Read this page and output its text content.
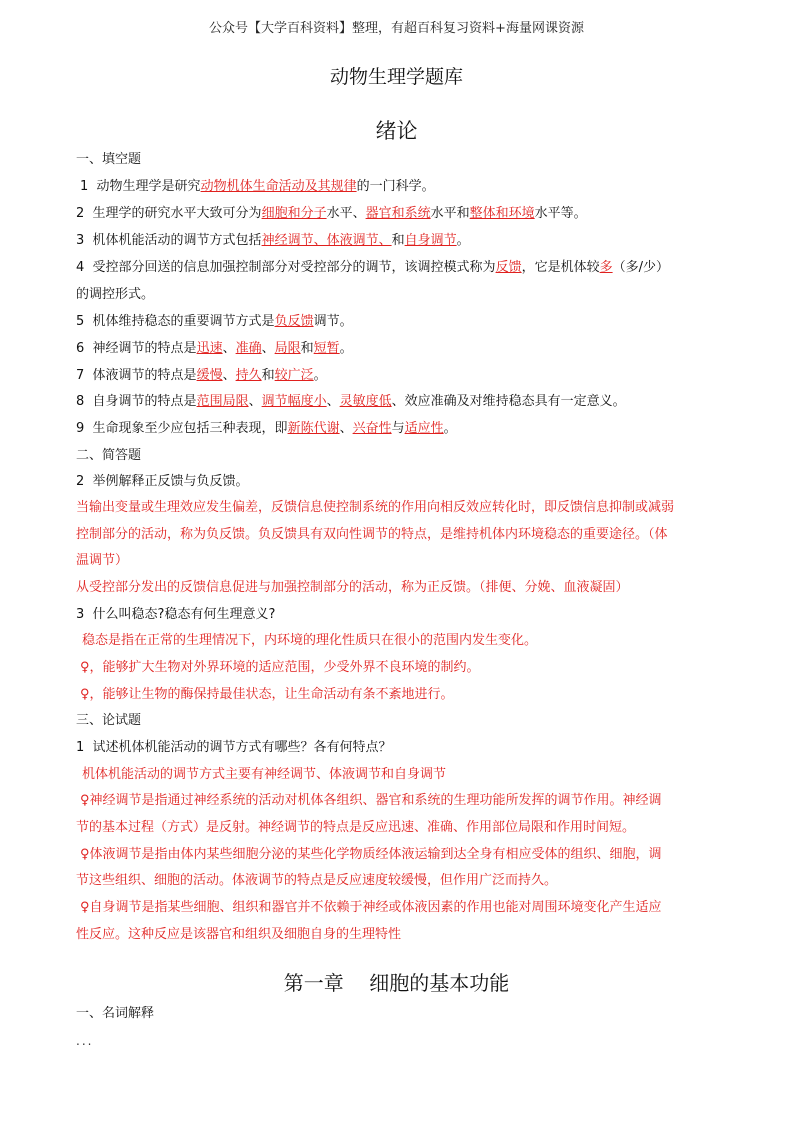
公众号【大学百科资料】整理，有超百科复习资料+海量网课资源
动物生理学题库
绪论
一、填空题
1 动物生理学是研究动物机体生命活动及其规律的一门科学。
2 生理学的研究水平大致可分为细胞和分子水平、器官和系统水平和整体和环境水平等。
3 机体机能活动的调节方式包括神经调节、体液调节、和自身调节。
4 受控部分回送的信息加强控制部分对受控部分的调节，该调控模式称为反馈，它是机体较多（多/少）
的调控形式。
5 机体维持稳态的重要调节方式是负反馈调节。
6 神经调节的特点是迅速、准确、局限和短暂。
7 体液调节的特点是缓慢、持久和较广泛。
8 自身调节的特点是范围局限、调节幅度小、灵敏度低、效应准确及对维持稳态具有一定意义。
9 生命现象至少应包括三种表现，即新陈代谢、兴奋性与适应性。
二、简答题
2 举例解释正反馈与负反馈。
当输出变量或生理效应发生偏差，反馈信息使控制系统的作用向相反效应转化时，即反馈信息抑制或减弱
控制部分的活动，称为负反馈。负反馈具有双向性调节的特点，是维持机体内环境稳态的重要途径。（体
温调节）
从受控部分发出的反馈信息促进与加强控制部分的活动，称为正反馈。（排便、分娩、血液凝固）
3 什么叫稳态?稳态有何生理意义?
稳态是指在正常的生理情况下，内环境的理化性质只在很小的范围内发生变化。
♀，能够扩大生物对外界环境的适应范围，少受外界不良环境的制约。
♀，能够让生物的酶保持最佳状态，让生命活动有条不紊地进行。
三、论试题
1 试述机体机能活动的调节方式有哪些？各有何特点？
机体机能活动的调节方式主要有神经调节、体液调节和自身调节
♀神经调节是指通过神经系统的活动对机体各组织、器官和系统的生理功能所发挥的调节作用。神经调
节的基本过程（方式）是反射。神经调节的特点是反应迅速、准确、作用部位局限和作用时间短。
♀体液调节是指由体内某些细胞分泌的某些化学物质经体液运输到达全身有相应受体的组织、细胞，调
节这些组织、细胞的活动。体液调节的特点是反应速度较缓慢，但作用广泛而持久。
♀自身调节是指某些细胞、组织和器官并不依赖于神经或体液因素的作用也能对周围环境变化产生适应
性反应。这种反应是该器官和组织及细胞自身的生理特性
一、名词解释
第一章    细胞的基本功能
...
